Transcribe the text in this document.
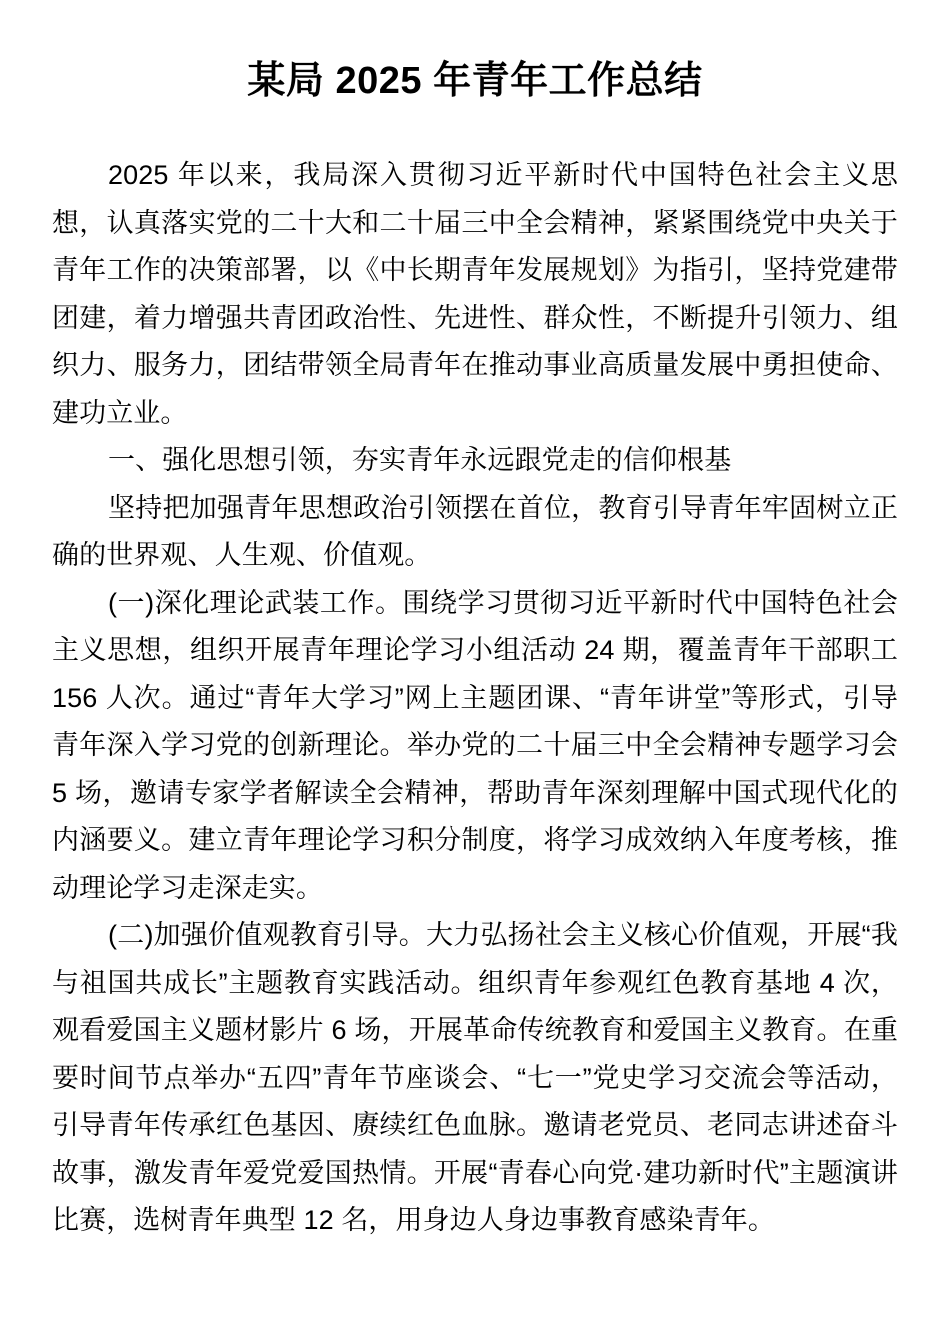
某局 2025 年青年工作总结

2025 年以来，我局深入贯彻习近平新时代中国特色社会主义思想，认真落实党的二十大和二十届三中全会精神，紧紧围绕党中央关于青年工作的决策部署，以《中长期青年发展规划》为指引，坚持党建带团建，着力增强共青团政治性、先进性、群众性，不断提升引领力、组织力、服务力，团结带领全局青年在推动事业高质量发展中勇担使命、建功立业。

一、强化思想引领，夯实青年永远跟党走的信仰根基

坚持把加强青年思想政治引领摆在首位，教育引导青年牢固树立正确的世界观、人生观、价值观。

(一)深化理论武装工作。围绕学习贯彻习近平新时代中国特色社会主义思想，组织开展青年理论学习小组活动 24 期，覆盖青年干部职工 156 人次。通过“青年大学习”网上主题团课、“青年讲堂”等形式，引导青年深入学习党的创新理论。举办党的二十届三中全会精神专题学习会 5 场，邀请专家学者解读全会精神，帮助青年深刻理解中国式现代化的内涵要义。建立青年理论学习积分制度，将学习成效纳入年度考核，推动理论学习走深走实。

(二)加强价值观教育引导。大力弘扬社会主义核心价值观，开展“我与祖国共成长”主题教育实践活动。组织青年参观红色教育基地 4 次，观看爱国主义题材影片 6 场，开展革命传统教育和爱国主义教育。在重要时间节点举办“五四”青年节座谈会、“七一”党史学习交流会等活动，引导青年传承红色基因、赓续红色血脉。邀请老党员、老同志讲述奋斗故事，激发青年爱党爱国热情。开展“青春心向党·建功新时代”主题演讲比赛，选树青年典型 12 名，用身边人身边事教育感染青年。
